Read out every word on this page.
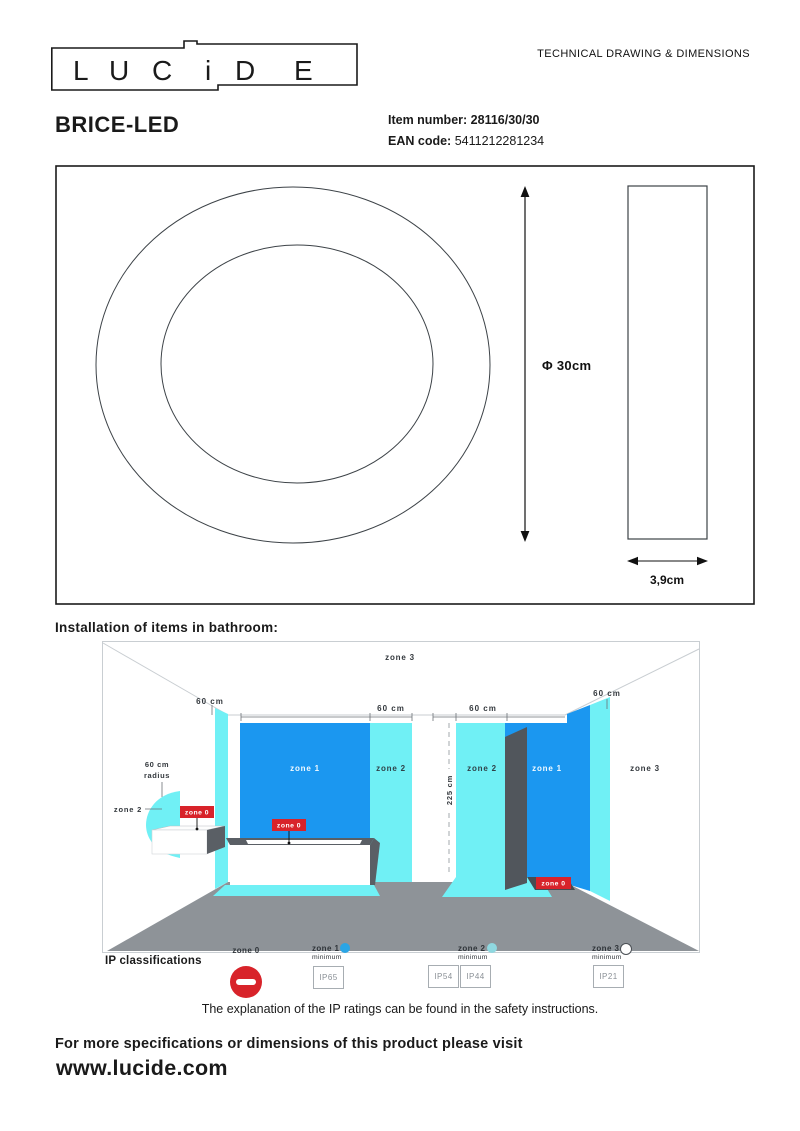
TECHNICAL DRAWING & DIMENSIONS
L U C i D E
BRICE-LED	Item number: 28116/30/30
EAN code: 5411212281234
Φ 30cm
3,9cm
Installation of items in bathroom:
60 cm
60 cm	60 cm
60 cm
225 cm
zone 3
zone 1	zone 2	zone 2	zone 1	zone 3
zone 2
60 cm
radius
zone 0
zone 0
zone 0
IP classifications
zone 0	zone 1
minimum
IP65
zone 2
minimum
IP54	IP44
zone 3
minimum
IP21
The explanation of the IP ratings can be found in the safety instructions.
For more specifications or dimensions of this product please visit
www.lucide.com
